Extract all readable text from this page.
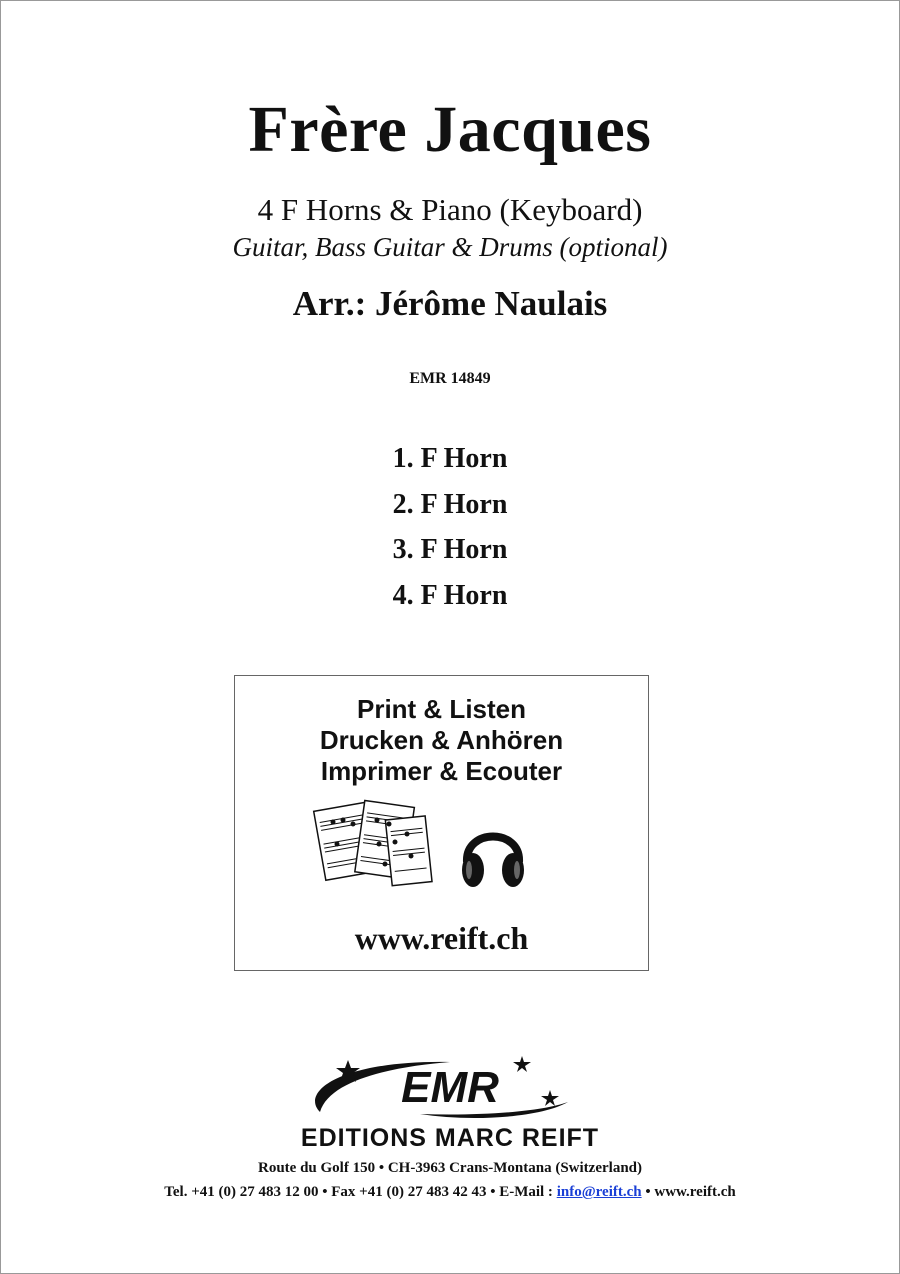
Frère Jacques
4 F Horns & Piano (Keyboard)
Guitar, Bass Guitar & Drums (optional)
Arr.: Jérôme Naulais
EMR 14849
1. F Horn
2. F Horn
3. F Horn
4. F Horn
Print & Listen
Drucken & Anhören
Imprimer & Ecouter
www.reift.ch
EMR
EDITIONS MARC REIFT
Route du Golf 150 • CH-3963 Crans-Montana (Switzerland)
Tel. +41 (0) 27 483 12 00 • Fax +41 (0) 27 483 42 43 • E-Mail : info@reift.ch • www.reift.ch
